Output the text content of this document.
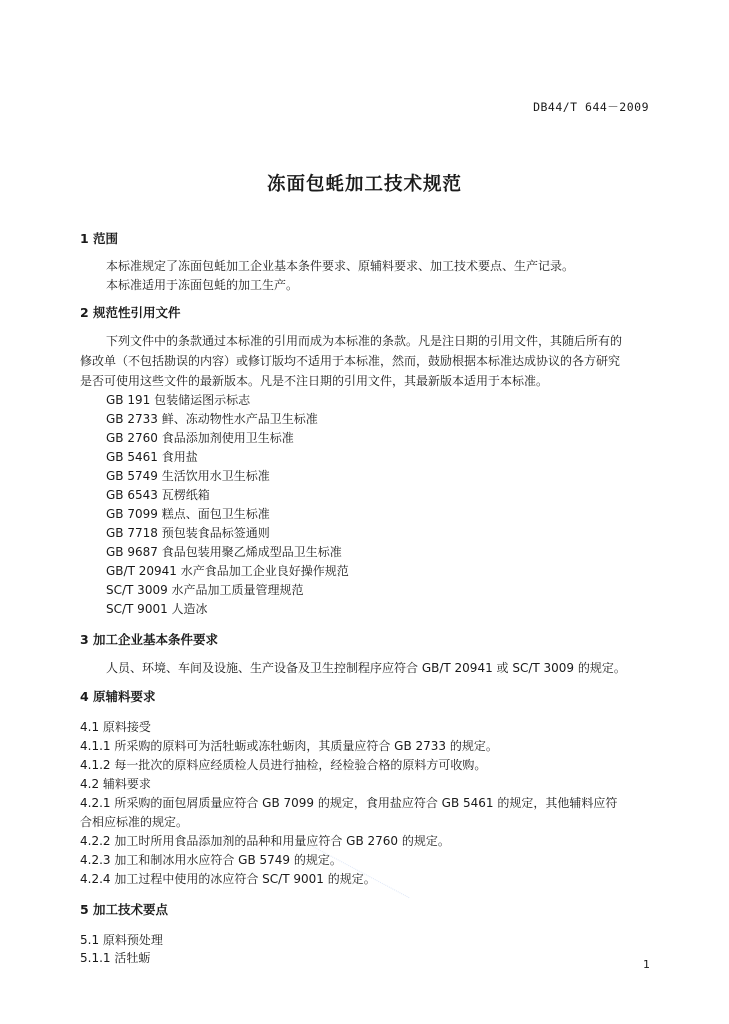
DB44/T 644－2009
冻面包蚝加工技术规范
1 范围
本标准规定了冻面包蚝加工企业基本条件要求、原辅料要求、加工技术要点、生产记录。
本标准适用于冻面包蚝的加工生产。
2 规范性引用文件
下列文件中的条款通过本标准的引用而成为本标准的条款。凡是注日期的引用文件，其随后所有的
修改单（不包括勘误的内容）或修订版均不适用于本标准，然而，鼓励根据本标准达成协议的各方研究
是否可使用这些文件的最新版本。凡是不注日期的引用文件，其最新版本适用于本标准。
GB 191 包装储运图示标志
GB 2733 鲜、冻动物性水产品卫生标准
GB 2760 食品添加剂使用卫生标准
GB 5461 食用盐
GB 5749 生活饮用水卫生标准
GB 6543 瓦楞纸箱
GB 7099 糕点、面包卫生标准
GB 7718 预包装食品标签通则
GB 9687 食品包装用聚乙烯成型品卫生标准
GB/T 20941 水产食品加工企业良好操作规范
SC/T 3009 水产品加工质量管理规范
SC/T 9001 人造冰
3 加工企业基本条件要求
人员、环境、车间及设施、生产设备及卫生控制程序应符合 GB/T 20941 或 SC/T 3009 的规定。
4 原辅料要求
4.1 原料接受
4.1.1 所采购的原料可为活牡蛎或冻牡蛎肉，其质量应符合 GB 2733 的规定。
4.1.2 每一批次的原料应经质检人员进行抽检，经检验合格的原料方可收购。
4.2 辅料要求
4.2.1 所采购的面包屑质量应符合 GB 7099 的规定，食用盐应符合 GB 5461 的规定，其他辅料应符
合相应标准的规定。
4.2.2 加工时所用食品添加剂的品种和用量应符合 GB 2760 的规定。
4.2.3 加工和制冰用水应符合 GB 5749 的规定。
4.2.4 加工过程中使用的冰应符合 SC/T 9001 的规定。
5 加工技术要点
5.1 原料预处理
5.1.1 活牡蛎	1
